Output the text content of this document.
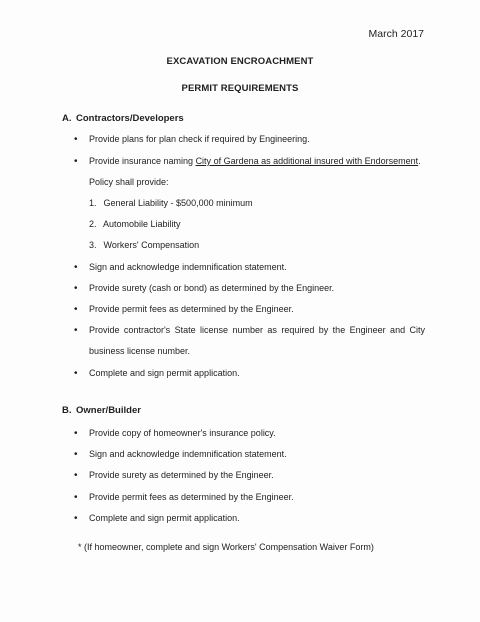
March 2017
EXCAVATION ENCROACHMENT
PERMIT REQUIREMENTS
A. Contractors/Developers
• Provide plans for plan check if required by Engineering.
• Provide insurance naming City of Gardena as additional insured with Endorsement.
Policy shall provide:
1. General Liability - $500,000 minimum
2. Automobile Liability
3. Workers' Compensation
• Sign and acknowledge indemnification statement.
• Provide surety (cash or bond) as determined by the Engineer.
• Provide permit fees as determined by the Engineer.
•	Provide contractor's State license number as required by the Engineer and City
business license number.
• Complete and sign permit application.
B. Owner/Builder
• Provide copy of homeowner's insurance policy.
• Sign and acknowledge indemnification statement.
• Provide surety as determined by the Engineer.
• Provide permit fees as determined by the Engineer.
• Complete and sign permit application.
* (If homeowner, complete and sign Workers' Compensation Waiver Form)
